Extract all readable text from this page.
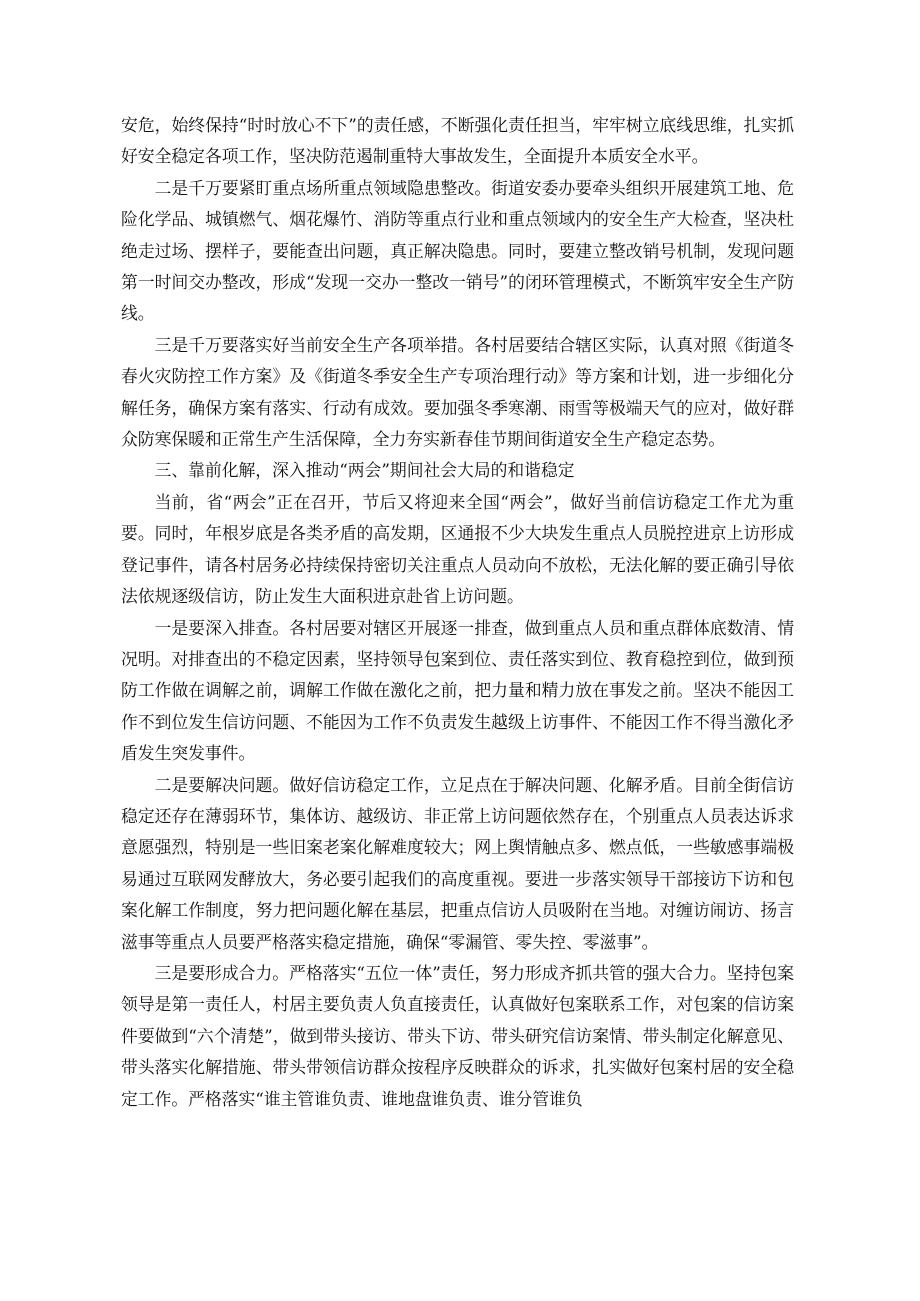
安危，始终保持“时时放心不下”的责任感，不断强化责任担当，牢牢树立底线思维，扎实抓好安全稳定各项工作，坚决防范遏制重特大事故发生，全面提升本质安全水平。

二是千万要紧盯重点场所重点领域隐患整改。街道安委办要牵头组织开展建筑工地、危险化学品、城镇燃气、烟花爆竹、消防等重点行业和重点领域内的安全生产大检查，坚决杜绝走过场、摆样子，要能查出问题，真正解决隐患。同时，要建立整改销号机制，发现问题第一时间交办整改，形成“发现一交办一整改一销号”的闭环管理模式，不断筑牢安全生产防线。

三是千万要落实好当前安全生产各项举措。各村居要结合辖区实际，认真对照《街道冬春火灾防控工作方案》及《街道冬季安全生产专项治理行动》等方案和计划，进一步细化分解任务，确保方案有落实、行动有成效。要加强冬季寒潮、雨雪等极端天气的应对，做好群众防寒保暖和正常生产生活保障，全力夯实新春佳节期间街道安全生产稳定态势。

三、靠前化解，深入推动“两会”期间社会大局的和谐稳定

当前，省“两会”正在召开，节后又将迎来全国“两会”，做好当前信访稳定工作尤为重要。同时，年根岁底是各类矛盾的高发期，区通报不少大块发生重点人员脱控进京上访形成登记事件，请各村居务必持续保持密切关注重点人员动向不放松，无法化解的要正确引导依法依规逐级信访，防止发生大面积进京赴省上访问题。

一是要深入排查。各村居要对辖区开展逐一排查，做到重点人员和重点群体底数清、情况明。对排查出的不稳定因素，坚持领导包案到位、责任落实到位、教育稳控到位，做到预防工作做在调解之前，调解工作做在激化之前，把力量和精力放在事发之前。坚决不能因工作不到位发生信访问题、不能因为工作不负责发生越级上访事件、不能因工作不得当激化矛盾发生突发事件。

二是要解决问题。做好信访稳定工作，立足点在于解决问题、化解矛盾。目前全街信访稳定还存在薄弱环节，集体访、越级访、非正常上访问题依然存在，个别重点人员表达诉求意愿强烈，特别是一些旧案老案化解难度较大；网上舆情触点多、燃点低，一些敏感事端极易通过互联网发酵放大，务必要引起我们的高度重视。要进一步落实领导干部接访下访和包案化解工作制度，努力把问题化解在基层，把重点信访人员吸附在当地。对缠访闹访、扬言滋事等重点人员要严格落实稳定措施，确保“零漏管、零失控、零滋事”。

三是要形成合力。严格落实“五位一体”责任，努力形成齐抓共管的强大合力。坚持包案领导是第一责任人，村居主要负责人负直接责任，认真做好包案联系工作，对包案的信访案件要做到“六个清楚”，做到带头接访、带头下访、带头研究信访案情、带头制定化解意见、带头落实化解措施、带头带领信访群众按程序反映群众的诉求，扎实做好包案村居的安全稳定工作。严格落实“谁主管谁负责、谁地盘谁负责、谁分管谁负
